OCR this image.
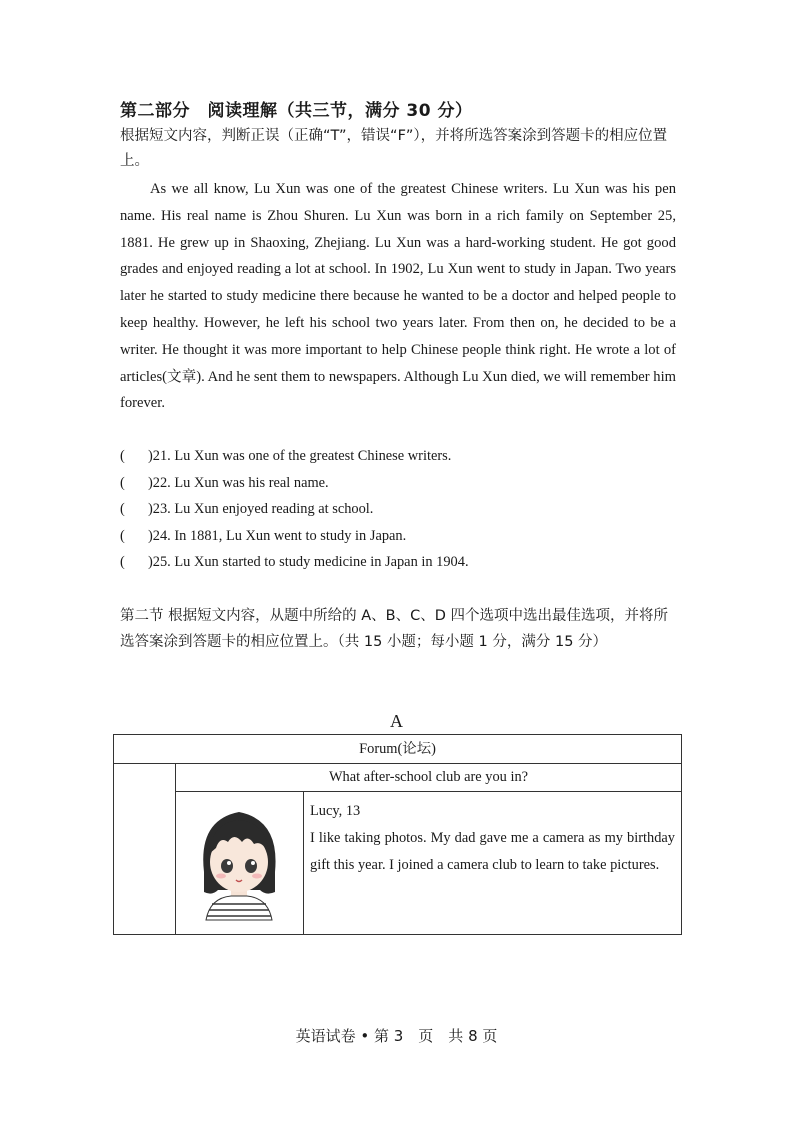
第二部分　阅读理解（共三节，满分 30 分）
根据短文内容，判断正误（正确“T”，错误“F”），并将所选答案涂到答题卡的相应位置上。

As we all know, Lu Xun was one of the greatest Chinese writers. Lu Xun was his pen name. His real name is Zhou Shuren. Lu Xun was born in a rich family on September 25, 1881. He grew up in Shaoxing, Zhejiang. Lu Xun was a hard-working student. He got good grades and enjoyed reading a lot at school. In 1902, Lu Xun went to study in Japan. Two years later he started to study medicine there because he wanted to be a doctor and helped people to keep healthy. However, he left his school two years later. From then on, he decided to be a writer. He thought it was more important to help Chinese people think right. He wrote a lot of articles(文章). And he sent them to newspapers. Although Lu Xun died, we will remember him forever.

( )21. Lu Xun was one of the greatest Chinese writers.
( )22. Lu Xun was his real name.
( )23. Lu Xun enjoyed reading at school.
( )24. In 1881, Lu Xun went to study in Japan.
( )25. Lu Xun started to study medicine in Japan in 1904.
第二节 根据短文内容，从题中所给的 A、B、C、D 四个选项中选出最佳选项，并将所选答案涂到答题卡的相应位置上。（共 15 小题；每小题 1 分，满分 15 分）
A
Forum(论坛)		
	What after-school club are you in?	

Lucy, 13
I like taking photos. My dad gave me a camera as my birthday gift this year. I joined a camera club to learn to take pictures.
英语试卷 • 第 3　页　共 8 页
